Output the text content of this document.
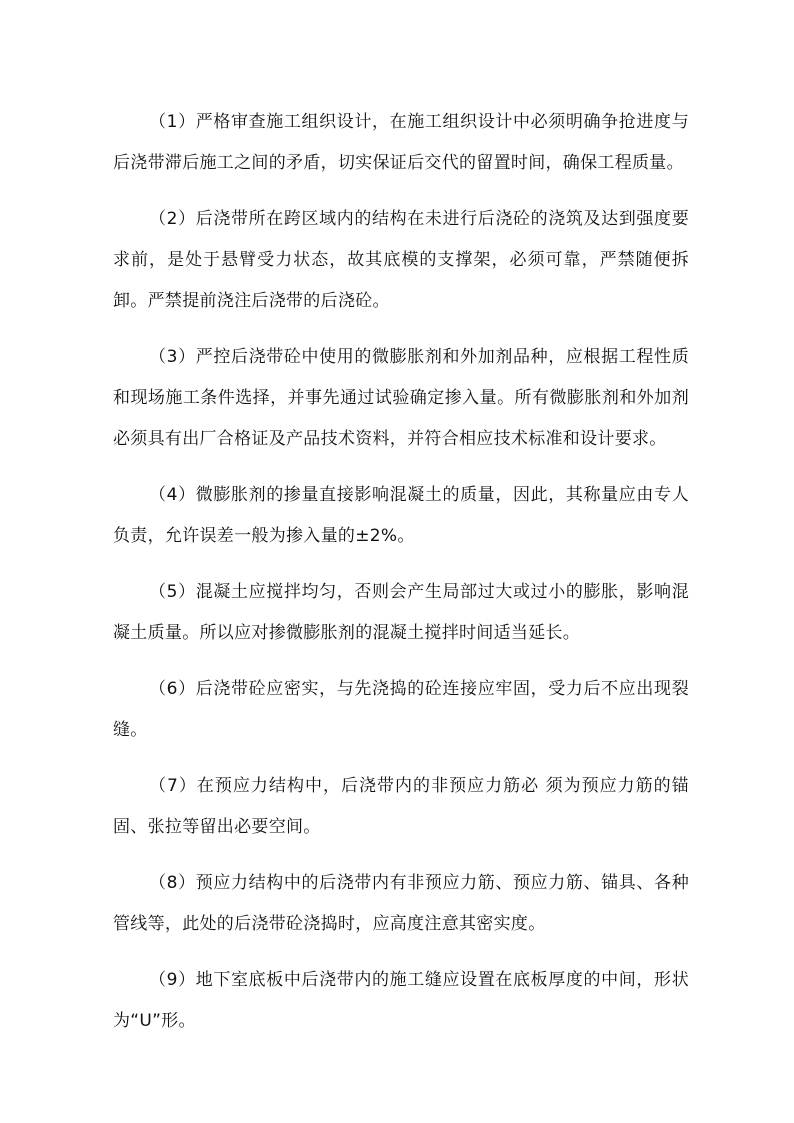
（1）严格审查施工组织设计，在施工组织设计中必须明确争抢进度与后浇带滞后施工之间的矛盾，切实保证后交代的留置时间，确保工程质量。

（2）后浇带所在跨区域内的结构在未进行后浇砼的浇筑及达到强度要求前，是处于悬臂受力状态，故其底模的支撑架，必须可靠，严禁随便拆卸。严禁提前浇注后浇带的后浇砼。

（3）严控后浇带砼中使用的微膨胀剂和外加剂品种，应根据工程性质和现场施工条件选择，并事先通过试验确定掺入量。所有微膨胀剂和外加剂必须具有出厂合格证及产品技术资料，并符合相应技术标准和设计要求。

（4）微膨胀剂的掺量直接影响混凝土的质量，因此，其称量应由专人负责，允许误差一般为掺入量的±2%。

（5）混凝土应搅拌均匀，否则会产生局部过大或过小的膨胀，影响混凝土质量。所以应对掺微膨胀剂的混凝土搅拌时间适当延长。

（6）后浇带砼应密实，与先浇捣的砼连接应牢固，受力后不应出现裂缝。

（7）在预应力结构中，后浇带内的非预应力筋必 须为预应力筋的锚固、张拉等留出必要空间。

（8）预应力结构中的后浇带内有非预应力筋、预应力筋、锚具、各种管线等，此处的后浇带砼浇捣时，应高度注意其密实度。

（9）地下室底板中后浇带内的施工缝应设置在底板厚度的中间，形状为“U”形。
